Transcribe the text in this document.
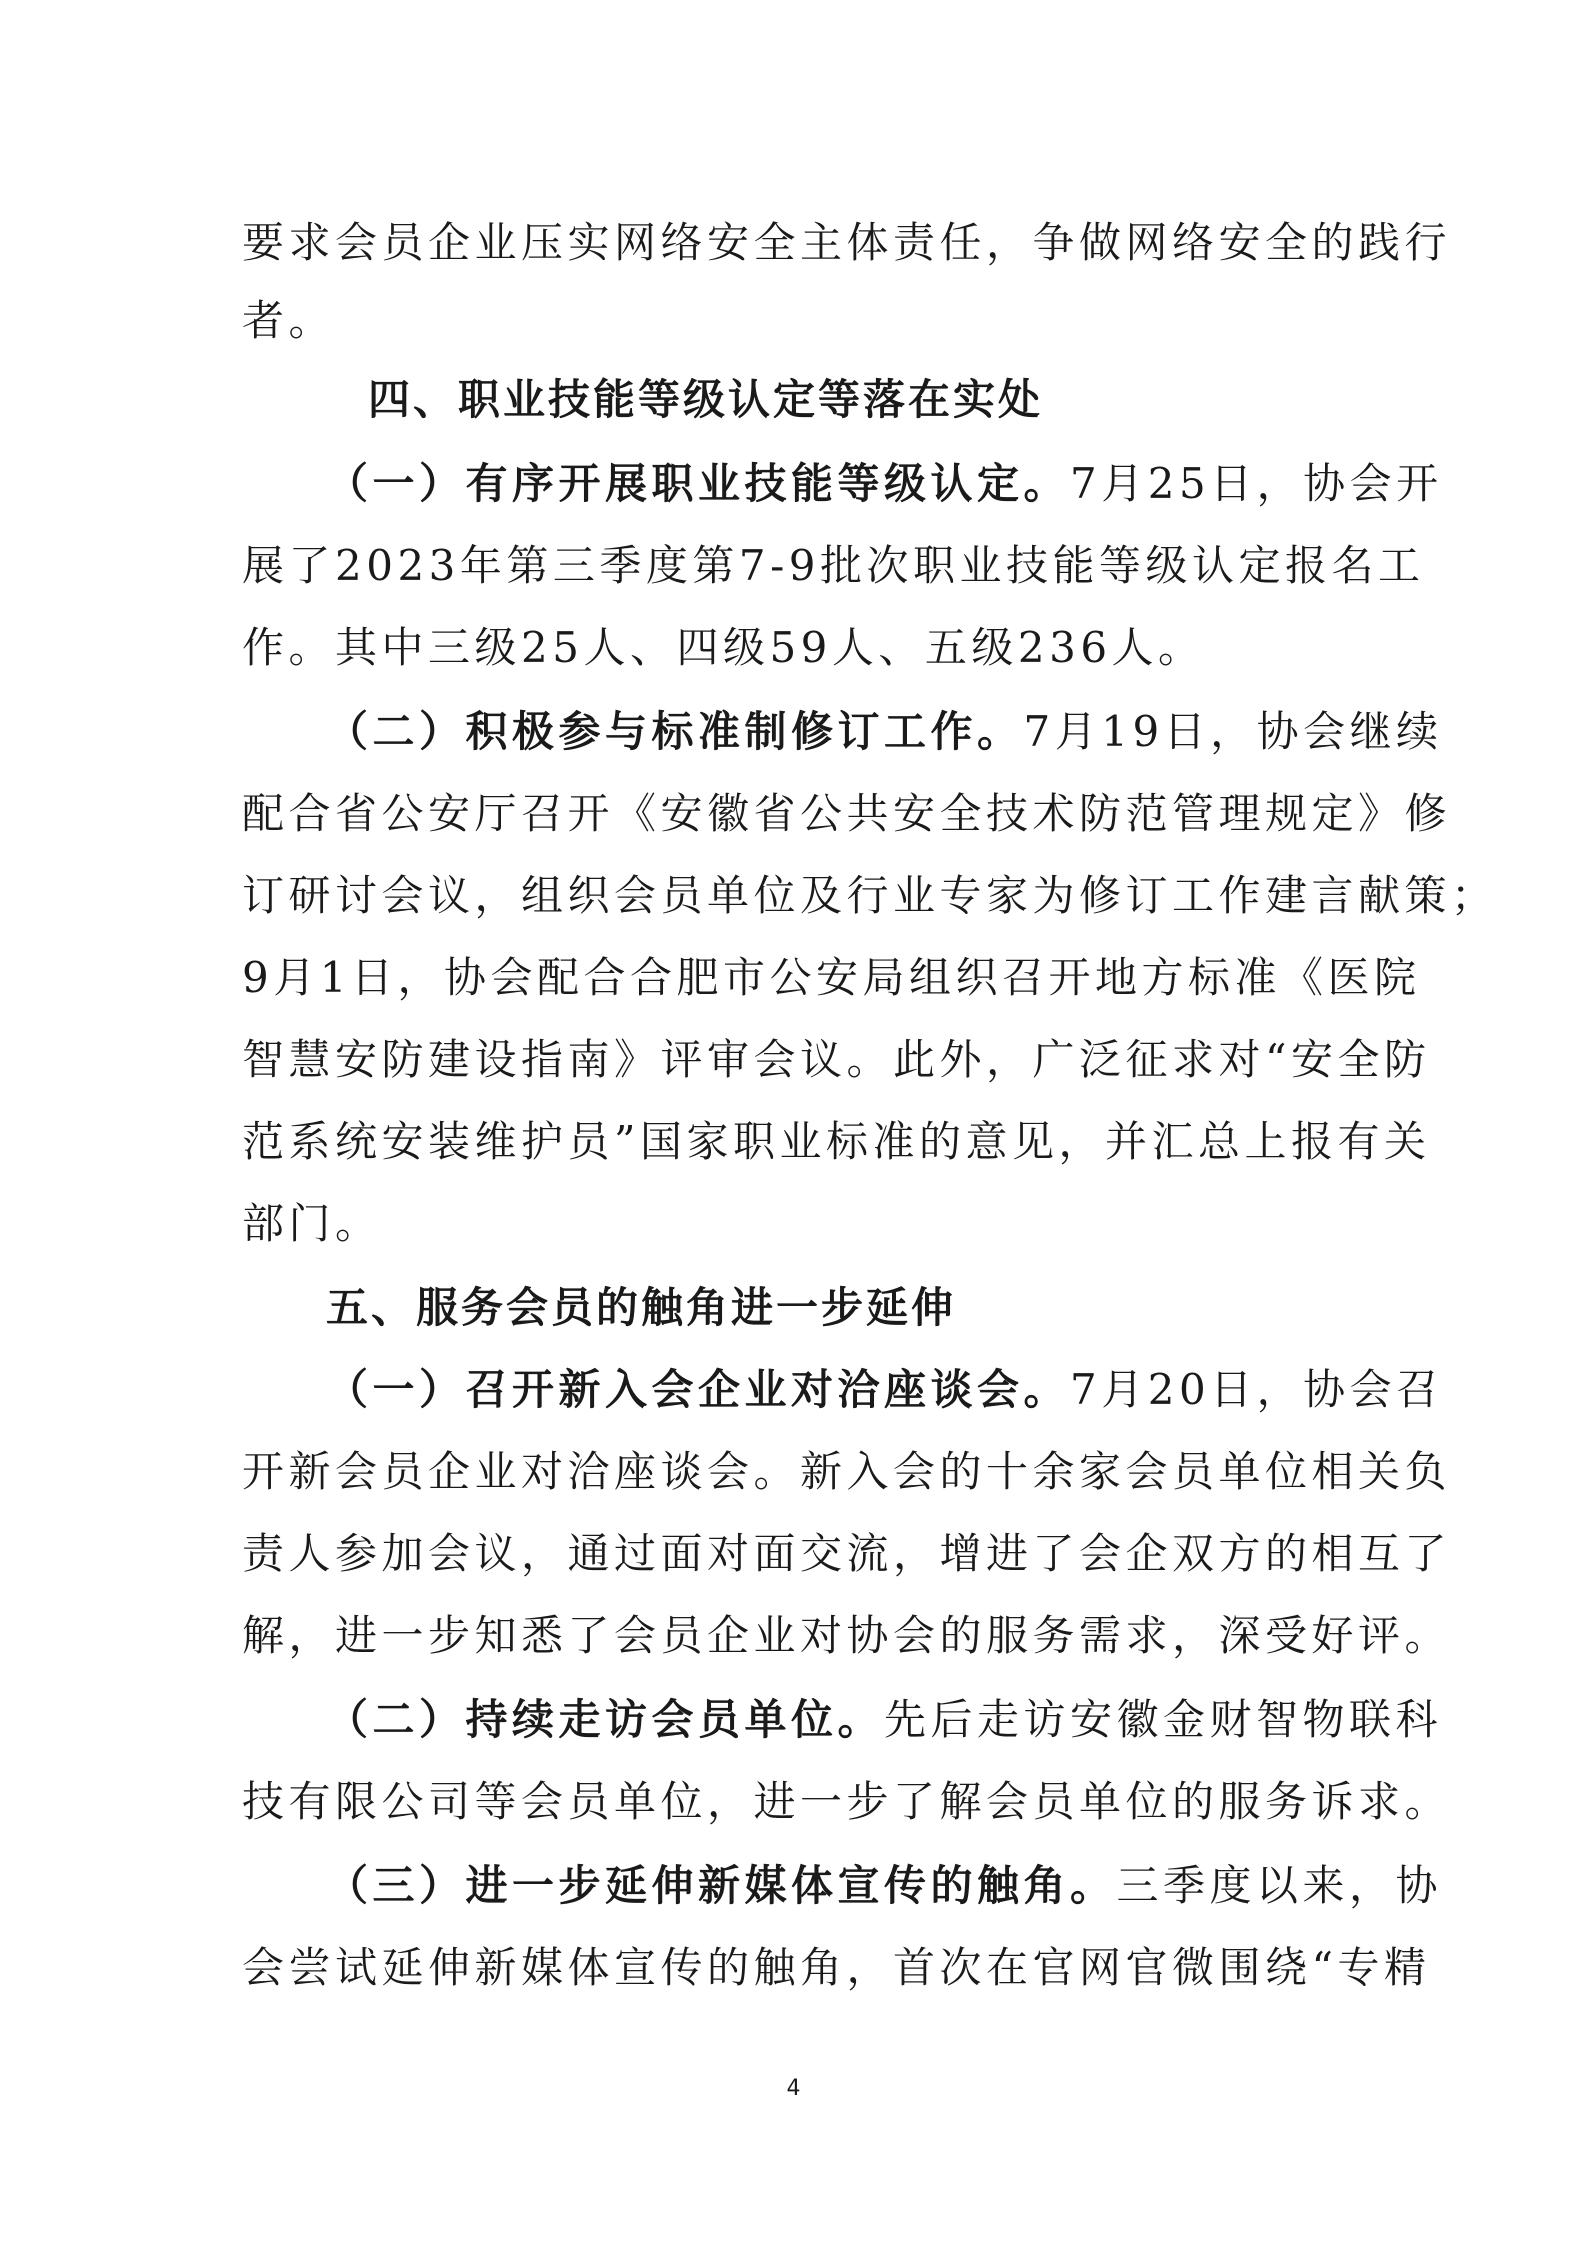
要求会员企业压实网络安全主体责任，争做网络安全的践行
者。
四、职业技能等级认定等落在实处
（一）有序开展职业技能等级认定。7月25日，协会开
展了2023年第三季度第7-9批次职业技能等级认定报名工
作。其中三级25人、四级59人、五级236人。
（二）积极参与标准制修订工作。7月19日，协会继续
配合省公安厅召开《安徽省公共安全技术防范管理规定》修
订研讨会议，组织会员单位及行业专家为修订工作建言献策；
9月1日，协会配合合肥市公安局组织召开地方标准《医院
智慧安防建设指南》评审会议。此外，广泛征求对“安全防
范系统安装维护员”国家职业标准的意见，并汇总上报有关
部门。
五、服务会员的触角进一步延伸
（一）召开新入会企业对洽座谈会。7月20日，协会召
开新会员企业对洽座谈会。新入会的十余家会员单位相关负
责人参加会议，通过面对面交流，增进了会企双方的相互了
解，进一步知悉了会员企业对协会的服务需求，深受好评。
（二）持续走访会员单位。先后走访安徽金财智物联科
技有限公司等会员单位，进一步了解会员单位的服务诉求。
（三）进一步延伸新媒体宣传的触角。三季度以来，协
会尝试延伸新媒体宣传的触角，首次在官网官微围绕“专精
4
